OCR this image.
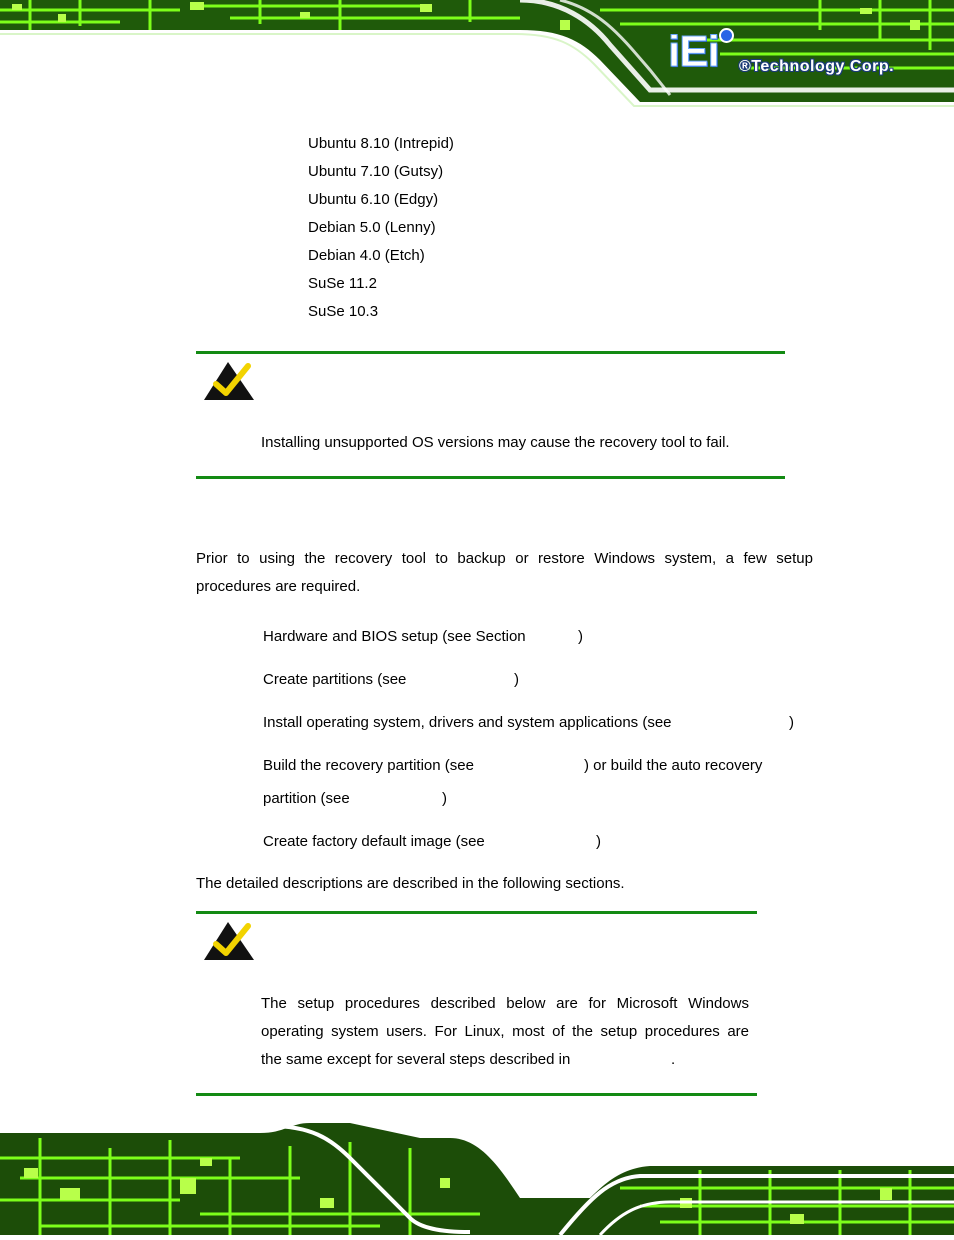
iEi ®Technology Corp.
Ubuntu 8.10 (Intrepid)
Ubuntu 7.10 (Gutsy)
Ubuntu 6.10 (Edgy)
Debian 5.0 (Lenny)
Debian 4.0 (Etch)
SuSe 11.2
SuSe 10.3
Installing unsupported OS versions may cause the recovery tool to fail.
Prior to using the recovery tool to backup or restore Windows system, a few setup procedures are required.
Hardware and BIOS setup (see Section	)
Create partitions (see	)
Install operating system, drivers and system applications (see	)
Build the recovery partition (see	) or build the auto recovery
partition (see	)
Create factory default image (see	)
The detailed descriptions are described in the following sections.
The setup procedures described below are for Microsoft Windows
operating system users. For Linux, most of the setup procedures are
the same except for several steps described in	.
